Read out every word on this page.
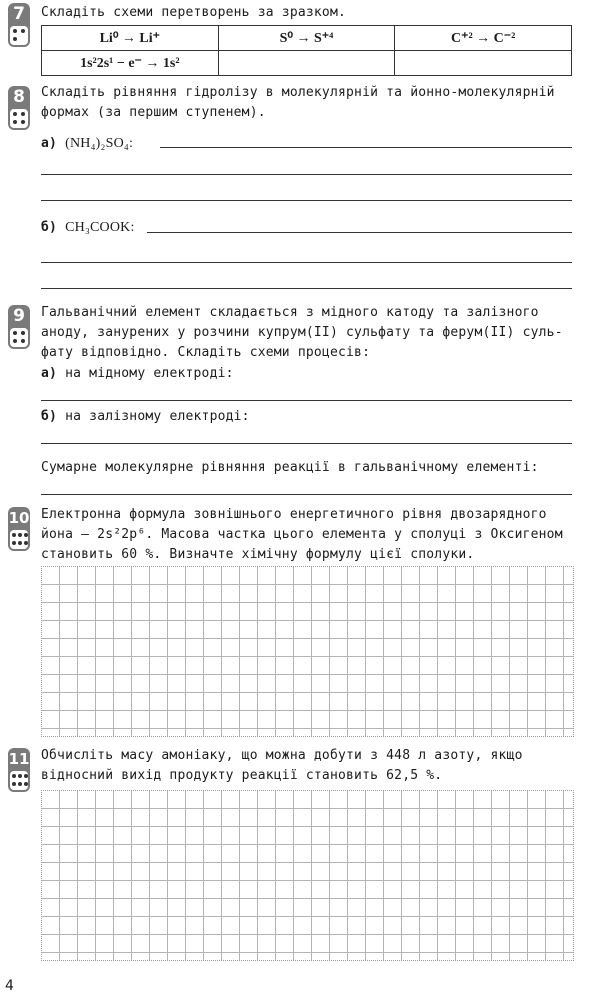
7	Складіть схеми перетворень за зразком.
Li⁰ → Li⁺	S⁰ → S⁺⁴	C⁺² → C⁻²
1s²2s¹ − e⁻ → 1s²		
8	Складіть рівняння гідролізу в молекулярній та йонно-молекулярній
формах (за першим ступенем).
а) (NH₄)₂SO₄:
б) CH₃COOK:
9	Гальванічний елемент складається з мідного катоду та залізного
аноду, занурених у розчини купрум(ІІ) сульфату та ферум(ІІ) суль-
фату відповідно. Складіть схеми процесів:
а) на мідному електроді:
б) на залізному електроді:
Сумарне молекулярне рівняння реакції в гальванічному елементі:
10 Електронна формула зовнішнього енергетичного рівня двозарядного
йона — 2s²2p⁶. Масова частка цього елемента у сполуці з Оксигеном
становить 60 %. Визначте хімічну формулу цієї сполуки.
11 Обчисліть масу амоніаку, що можна добути з 448 л азоту, якщо
відносний вихід продукту реакції становить 62,5 %.
4
